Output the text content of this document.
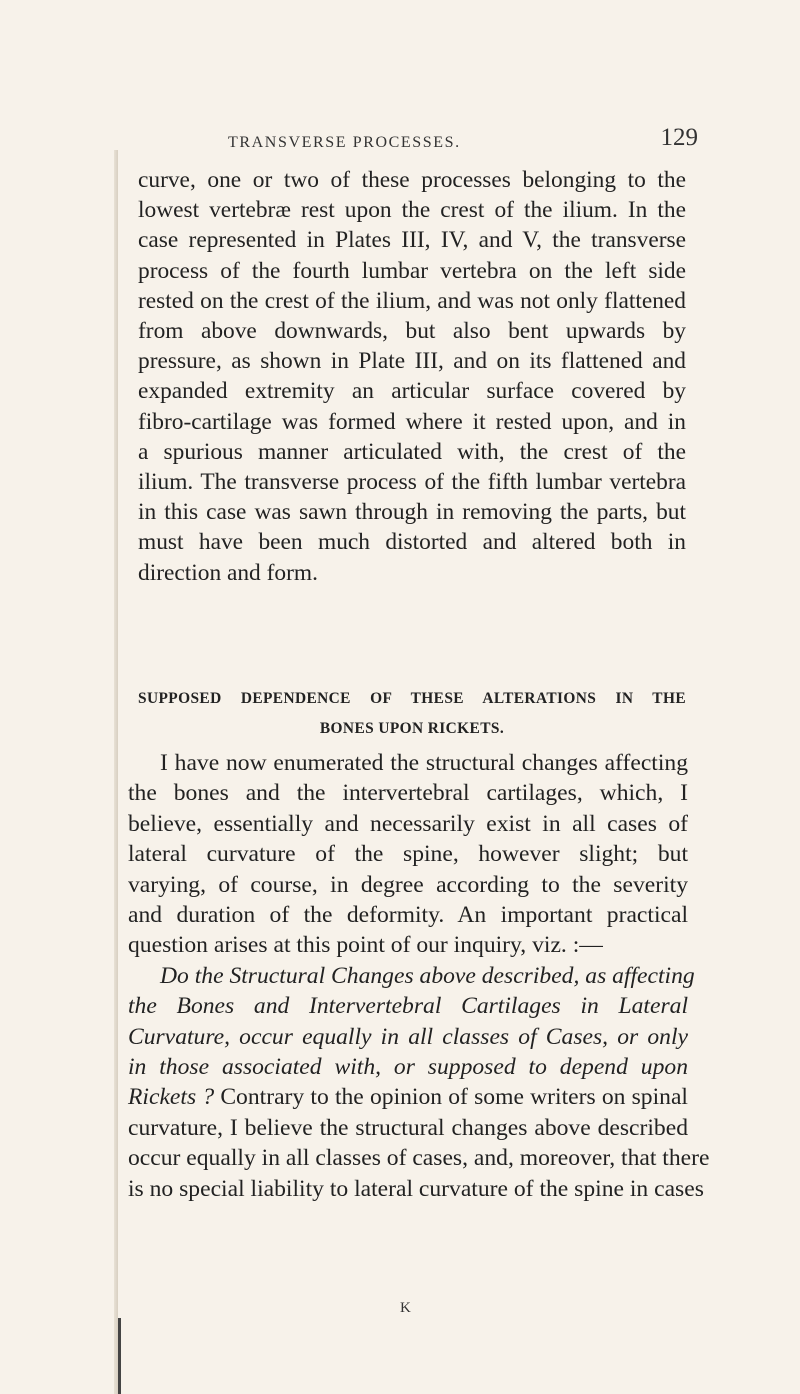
TRANSVERSE PROCESSES.	129
curve, one or two of these processes belonging to the
lowest vertebræ rest upon the crest of the ilium. In the
case represented in Plates III, IV, and V, the transverse
process of the fourth lumbar vertebra on the left side
rested on the crest of the ilium, and was not only flattened
from above downwards, but also bent upwards by
pressure, as shown in Plate III, and on its flattened and
expanded extremity an articular surface covered by
fibro-cartilage was formed where it rested upon, and in
a spurious manner articulated with, the crest of the
ilium. The transverse process of the fifth lumbar vertebra
in this case was sawn through in removing the parts, but
must have been much distorted and altered both in
direction and form.
SUPPOSED DEPENDENCE OF THESE ALTERATIONS IN THE
BONES UPON RICKETS.
I have now enumerated the structural changes affecting
the bones and the intervertebral cartilages, which, I
believe, essentially and necessarily exist in all cases of
lateral curvature of the spine, however slight; but
varying, of course, in degree according to the severity
and duration of the deformity. An important practical
question arises at this point of our inquiry, viz. :—
Do the Structural Changes above described, as affecting
the Bones and Intervertebral Cartilages in Lateral
Curvature, occur equally in all classes of Cases, or only
in those associated with, or supposed to depend upon
Rickets ? Contrary to the opinion of some writers on spinal
curvature, I believe the structural changes above described
occur equally in all classes of cases, and, moreover, that there
is no special liability to lateral curvature of the spine in cases
K
